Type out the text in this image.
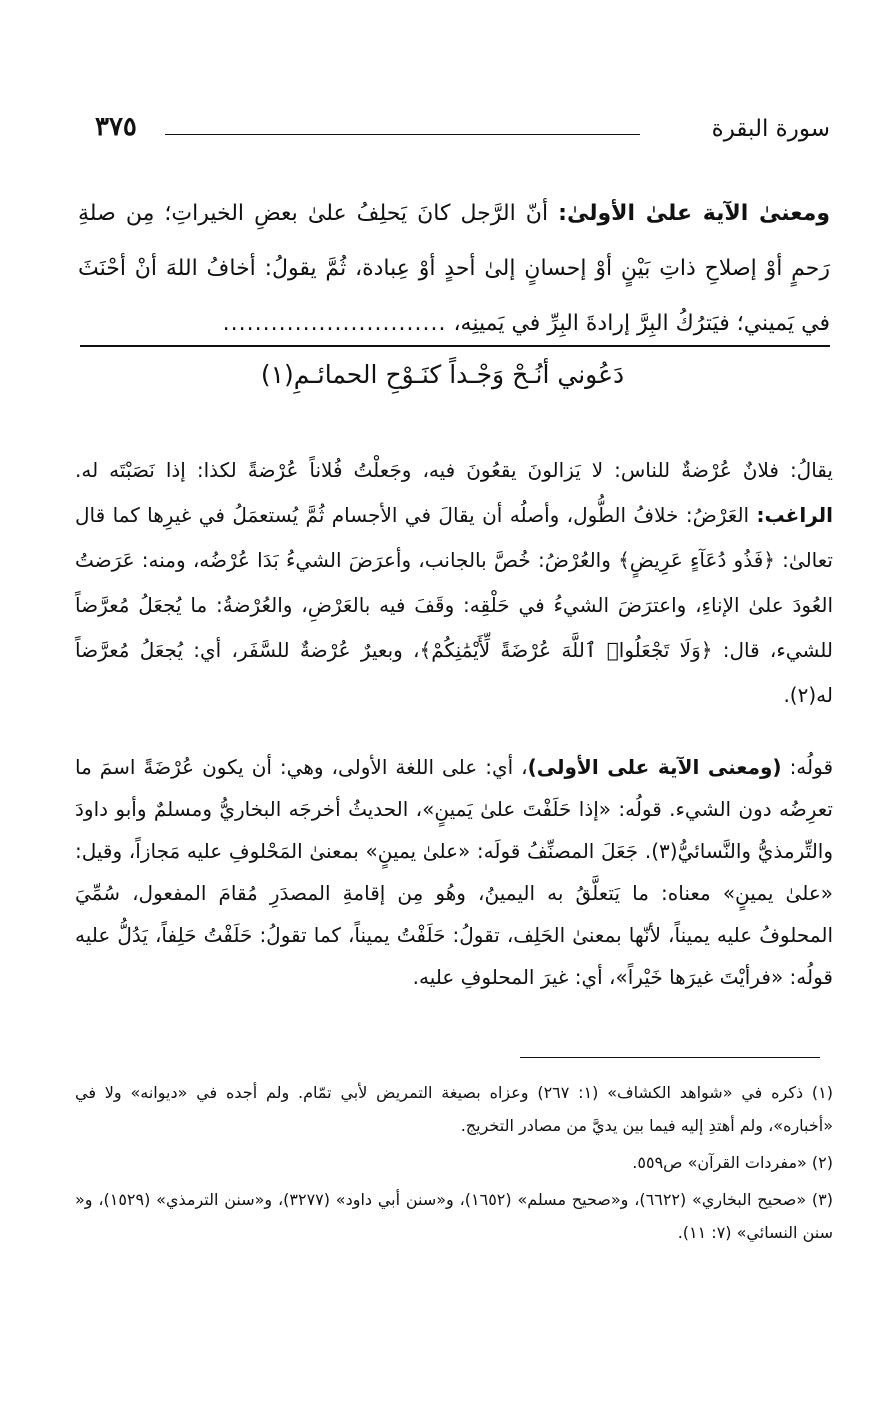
٣٧٥	سورة البقرة

ومعنىٰ الآية علىٰ الأولىٰ: أنّ الرَّجل كانَ يَحلِفُ علىٰ بعضِ الخيراتِ؛ مِن صلةِ رَحمٍ أوْ إصلاحِ ذاتِ بَيْنٍ أوْ إحسانٍ إلىٰ أحدٍ أوْ عِبادة، ثُمَّ يقولُ: أخافُ اللهَ أنْ أحْنَثَ في يَميني؛ فيَترُكُ البِرَّ إرادةَ البِرِّ في يَمينِه، ............................

دَعُوني أنُـحْ وَجْـداً كنَـوْحِ الحمائـمِ(١)

يقالُ: فلانٌ عُرْضةٌ للناس: لا يَزالونَ يقعُونَ فيه، وجَعلْتُ فُلاناً عُرْضةً لكذا: إذا نَصَبْتَه له. الراغب: العَرْضُ: خلافُ الطُّول، وأصلُه أن يقالَ في الأجسام ثُمَّ يُستعمَلُ في غيرِها كما قال تعالىٰ: ﴿فَذُو دُعَآءٍ عَرِيضٍ﴾ والعُرْضُ: خُصَّ بالجانب، وأعرَضَ الشيءُ بَدَا عُرْضُه، ومنه: عَرَضتُ العُودَ علىٰ الإناءِ، واعترَضَ الشيءُ في حَلْقِه: وقَفَ فيه بالعَرْضِ، والعُرْضةُ: ما يُجعَلُ مُعرَّضاً للشيء، قال: ﴿وَلَا تَجْعَلُوا۟ ٱللَّهَ عُرْضَةً لِّأَيْمَٰنِكُمْ﴾، وبعيرٌ عُرْضةٌ للسَّفَر، أي: يُجعَلُ مُعرَّضاً له(٢).

قولُه: (ومعنى الآية على الأولى)، أي: على اللغة الأولى، وهي: أن يكون عُرْضَةً اسمَ ما تعرِضُه دون الشيء. قولُه: «إذا حَلَفْتَ علىٰ يَمينٍ»، الحديثُ أخرجَه البخاريُّ ومسلمٌ وأبو داودَ والتِّرمذيُّ والنَّسائيُّ(٣). جَعَلَ المصنِّفُ قولَه: «علىٰ يمينٍ» بمعنىٰ المَحْلوفِ عليه مَجازاً، وقيل: «علىٰ يمينٍ» معناه: ما يَتعلَّقُ به اليمينُ، وهُو مِن إقامةِ المصدَرِ مُقامَ المفعول، سُمِّيَ المحلوفُ عليه يميناً، لأنّها بمعنىٰ الحَلِف، تقولُ: حَلَفْتُ يميناً، كما تقولُ: حَلَفْتُ حَلِفاً، يَدُلُّ عليه قولُه: «فرأيْتَ غيرَها خَيْراً»، أي: غيرَ المحلوفِ عليه.

(١) ذكره في «شواهد الكشاف» (١: ٢٦٧) وعزاه بصيغة التمريض لأبي تمّام. ولم أجده في «ديوانه» ولا في «أخباره»، ولم أهتدِ إليه فيما بين يديَّ من مصادر التخريج.

(٢) «مفردات القرآن» ص٥٥٩.

(٣) «صحيح البخاري» (٦٦٢٢)، و«صحيح مسلم» (١٦٥٢)، و«سنن أبي داود» (٣٢٧٧)، و«سنن الترمذي» (١٥٢٩)، و« سنن النسائي» (٧: ١١).
